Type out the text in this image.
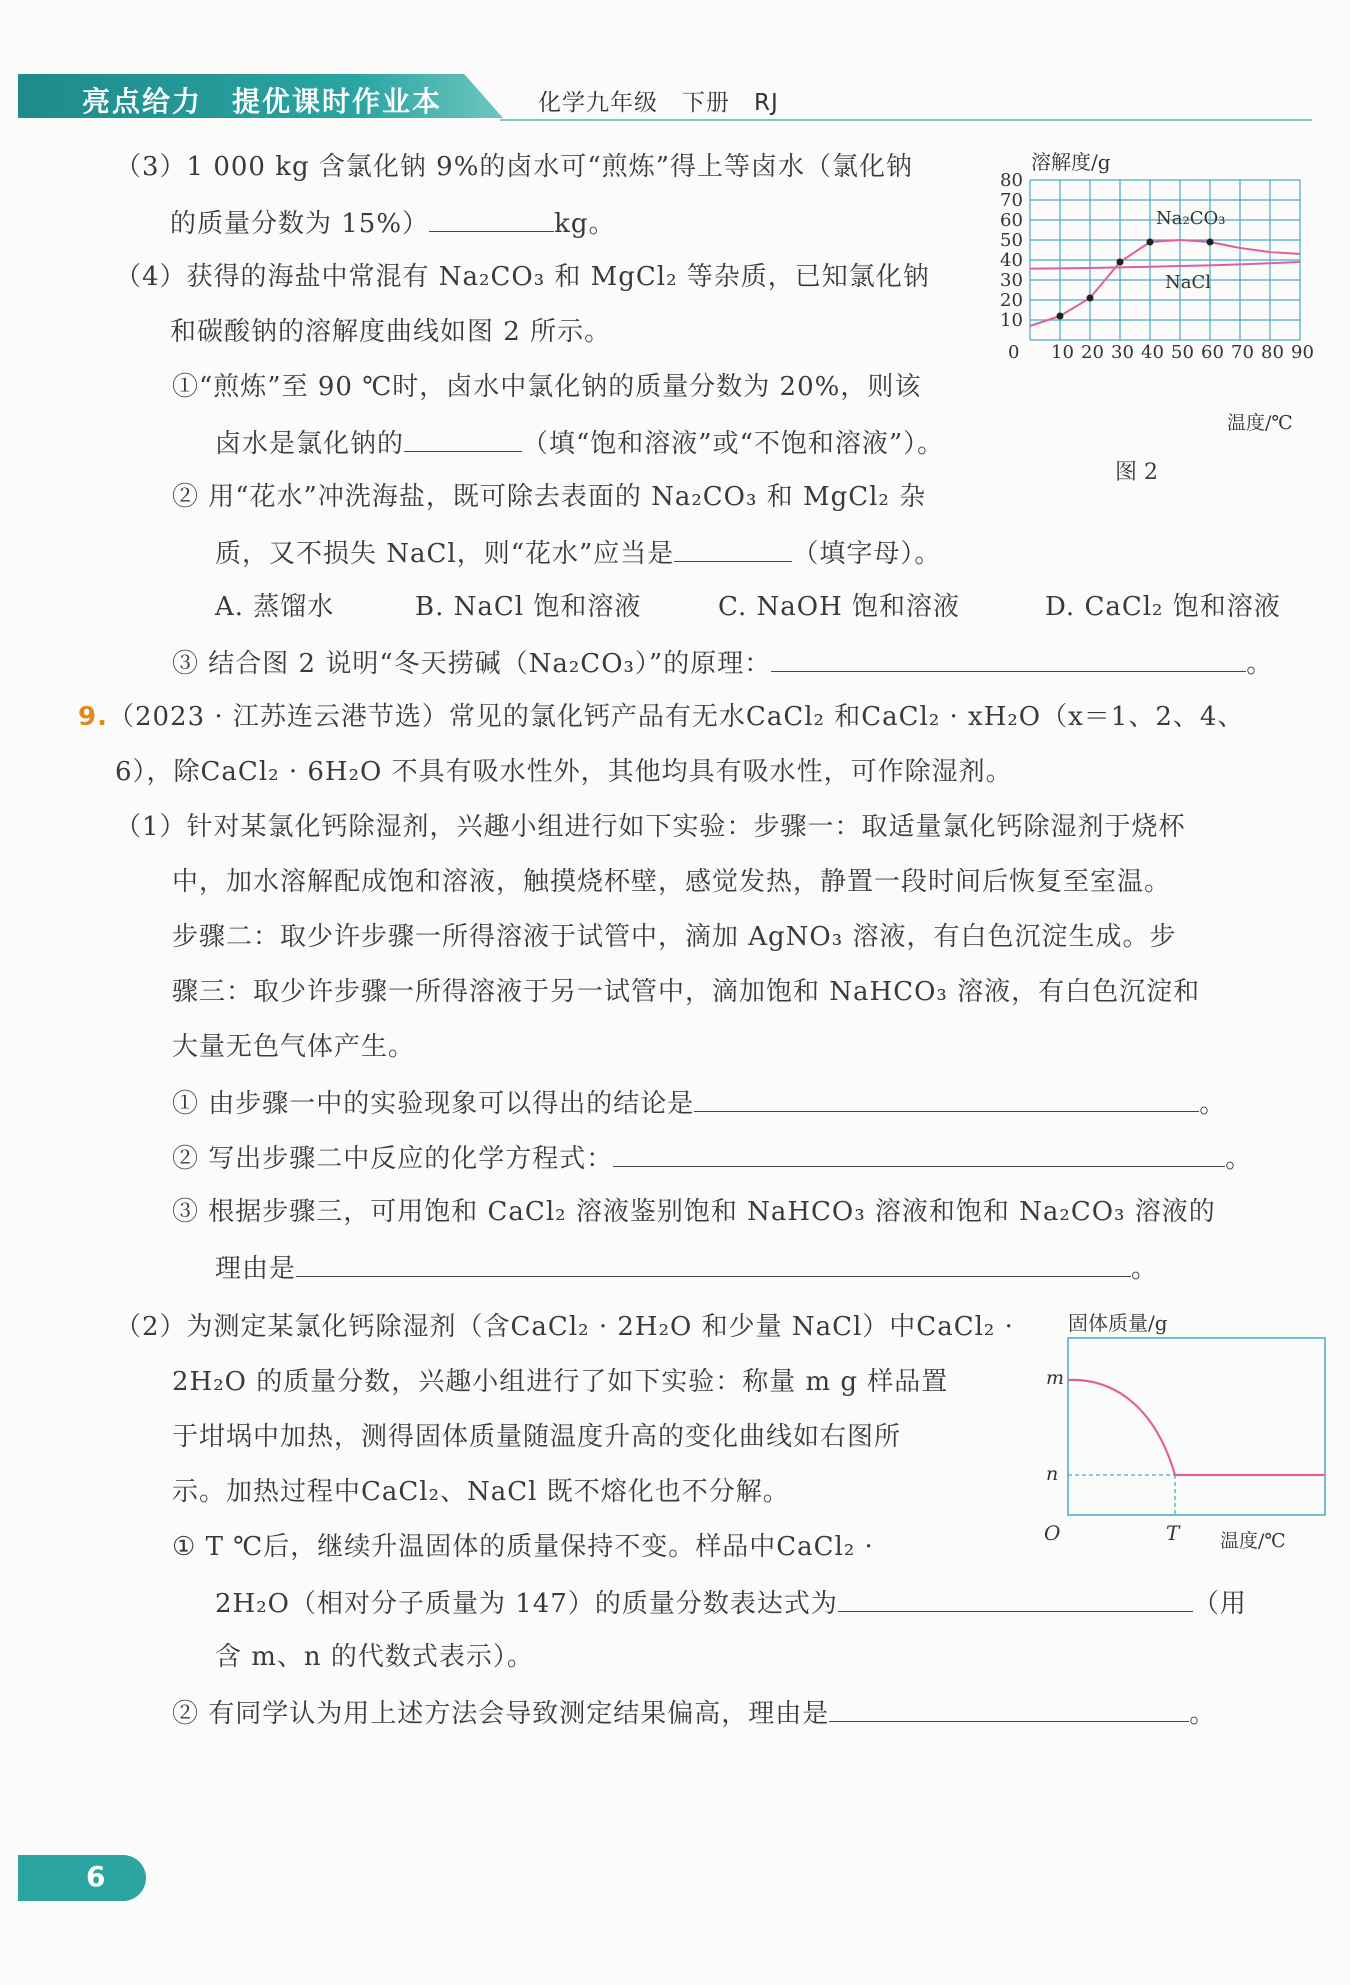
亮点给力　提优课时作业本	化学九年级　下册　RJ
（3）1 000 kg 含氯化钠 9%的卤水可“煎炼”得上等卤水（氯化钠
的质量分数为 15%）	kg。
（4）获得的海盐中常混有 Na₂CO₃ 和 MgCl₂ 等杂质，已知氯化钠
和碳酸钠的溶解度曲线如图 2 所示。
①“煎炼”至 90 ℃时，卤水中氯化钠的质量分数为 20%，则该
卤水是氯化钠的	（填“饱和溶液”或“不饱和溶液”）。
② 用“花水”冲洗海盐，既可除去表面的 Na₂CO₃ 和 MgCl₂ 杂
质，又不损失 NaCl，则“花水”应当是	（填字母）。
A. 蒸馏水	B. NaCl 饱和溶液	C. NaOH 饱和溶液	D. CaCl₂ 饱和溶液
③ 结合图 2 说明“冬天捞碱（Na₂CO₃）”的原理：	。
10 20 30 40 50 60 70 80 90
0
10
20
30
40
50
60
70
80
Na₂CO₃
NaCl
溶解度/g
温度/℃
图 2
9.（2023 · 江苏连云港节选）常见的氯化钙产品有无水CaCl₂ 和CaCl₂ · xH₂O（x＝1、2、4、
6），除CaCl₂ · 6H₂O 不具有吸水性外，其他均具有吸水性，可作除湿剂。
（1）针对某氯化钙除湿剂，兴趣小组进行如下实验：步骤一：取适量氯化钙除湿剂于烧杯
中，加水溶解配成饱和溶液，触摸烧杯壁，感觉发热，静置一段时间后恢复至室温。
步骤二：取少许步骤一所得溶液于试管中，滴加 AgNO₃ 溶液，有白色沉淀生成。步
骤三：取少许步骤一所得溶液于另一试管中，滴加饱和 NaHCO₃ 溶液，有白色沉淀和
大量无色气体产生。
① 由步骤一中的实验现象可以得出的结论是	。
② 写出步骤二中反应的化学方程式：	。
③ 根据步骤三，可用饱和 CaCl₂ 溶液鉴别饱和 NaHCO₃ 溶液和饱和 Na₂CO₃ 溶液的
理由是	。
（2）为测定某氯化钙除湿剂（含CaCl₂ · 2H₂O 和少量 NaCl）中CaCl₂ ·
2H₂O 的质量分数，兴趣小组进行了如下实验：称量 m g 样品置
于坩埚中加热，测得固体质量随温度升高的变化曲线如右图所
示。加热过程中CaCl₂、NaCl 既不熔化也不分解。
① T ℃后，继续升温固体的质量保持不变。样品中CaCl₂ ·
2H₂O（相对分子质量为 147）的质量分数表达式为	（用
含 m、n 的代数式表示）。
② 有同学认为用上述方法会导致测定结果偏高，理由是	。
固体质量/g
温度/℃
O
m
n
T
6
